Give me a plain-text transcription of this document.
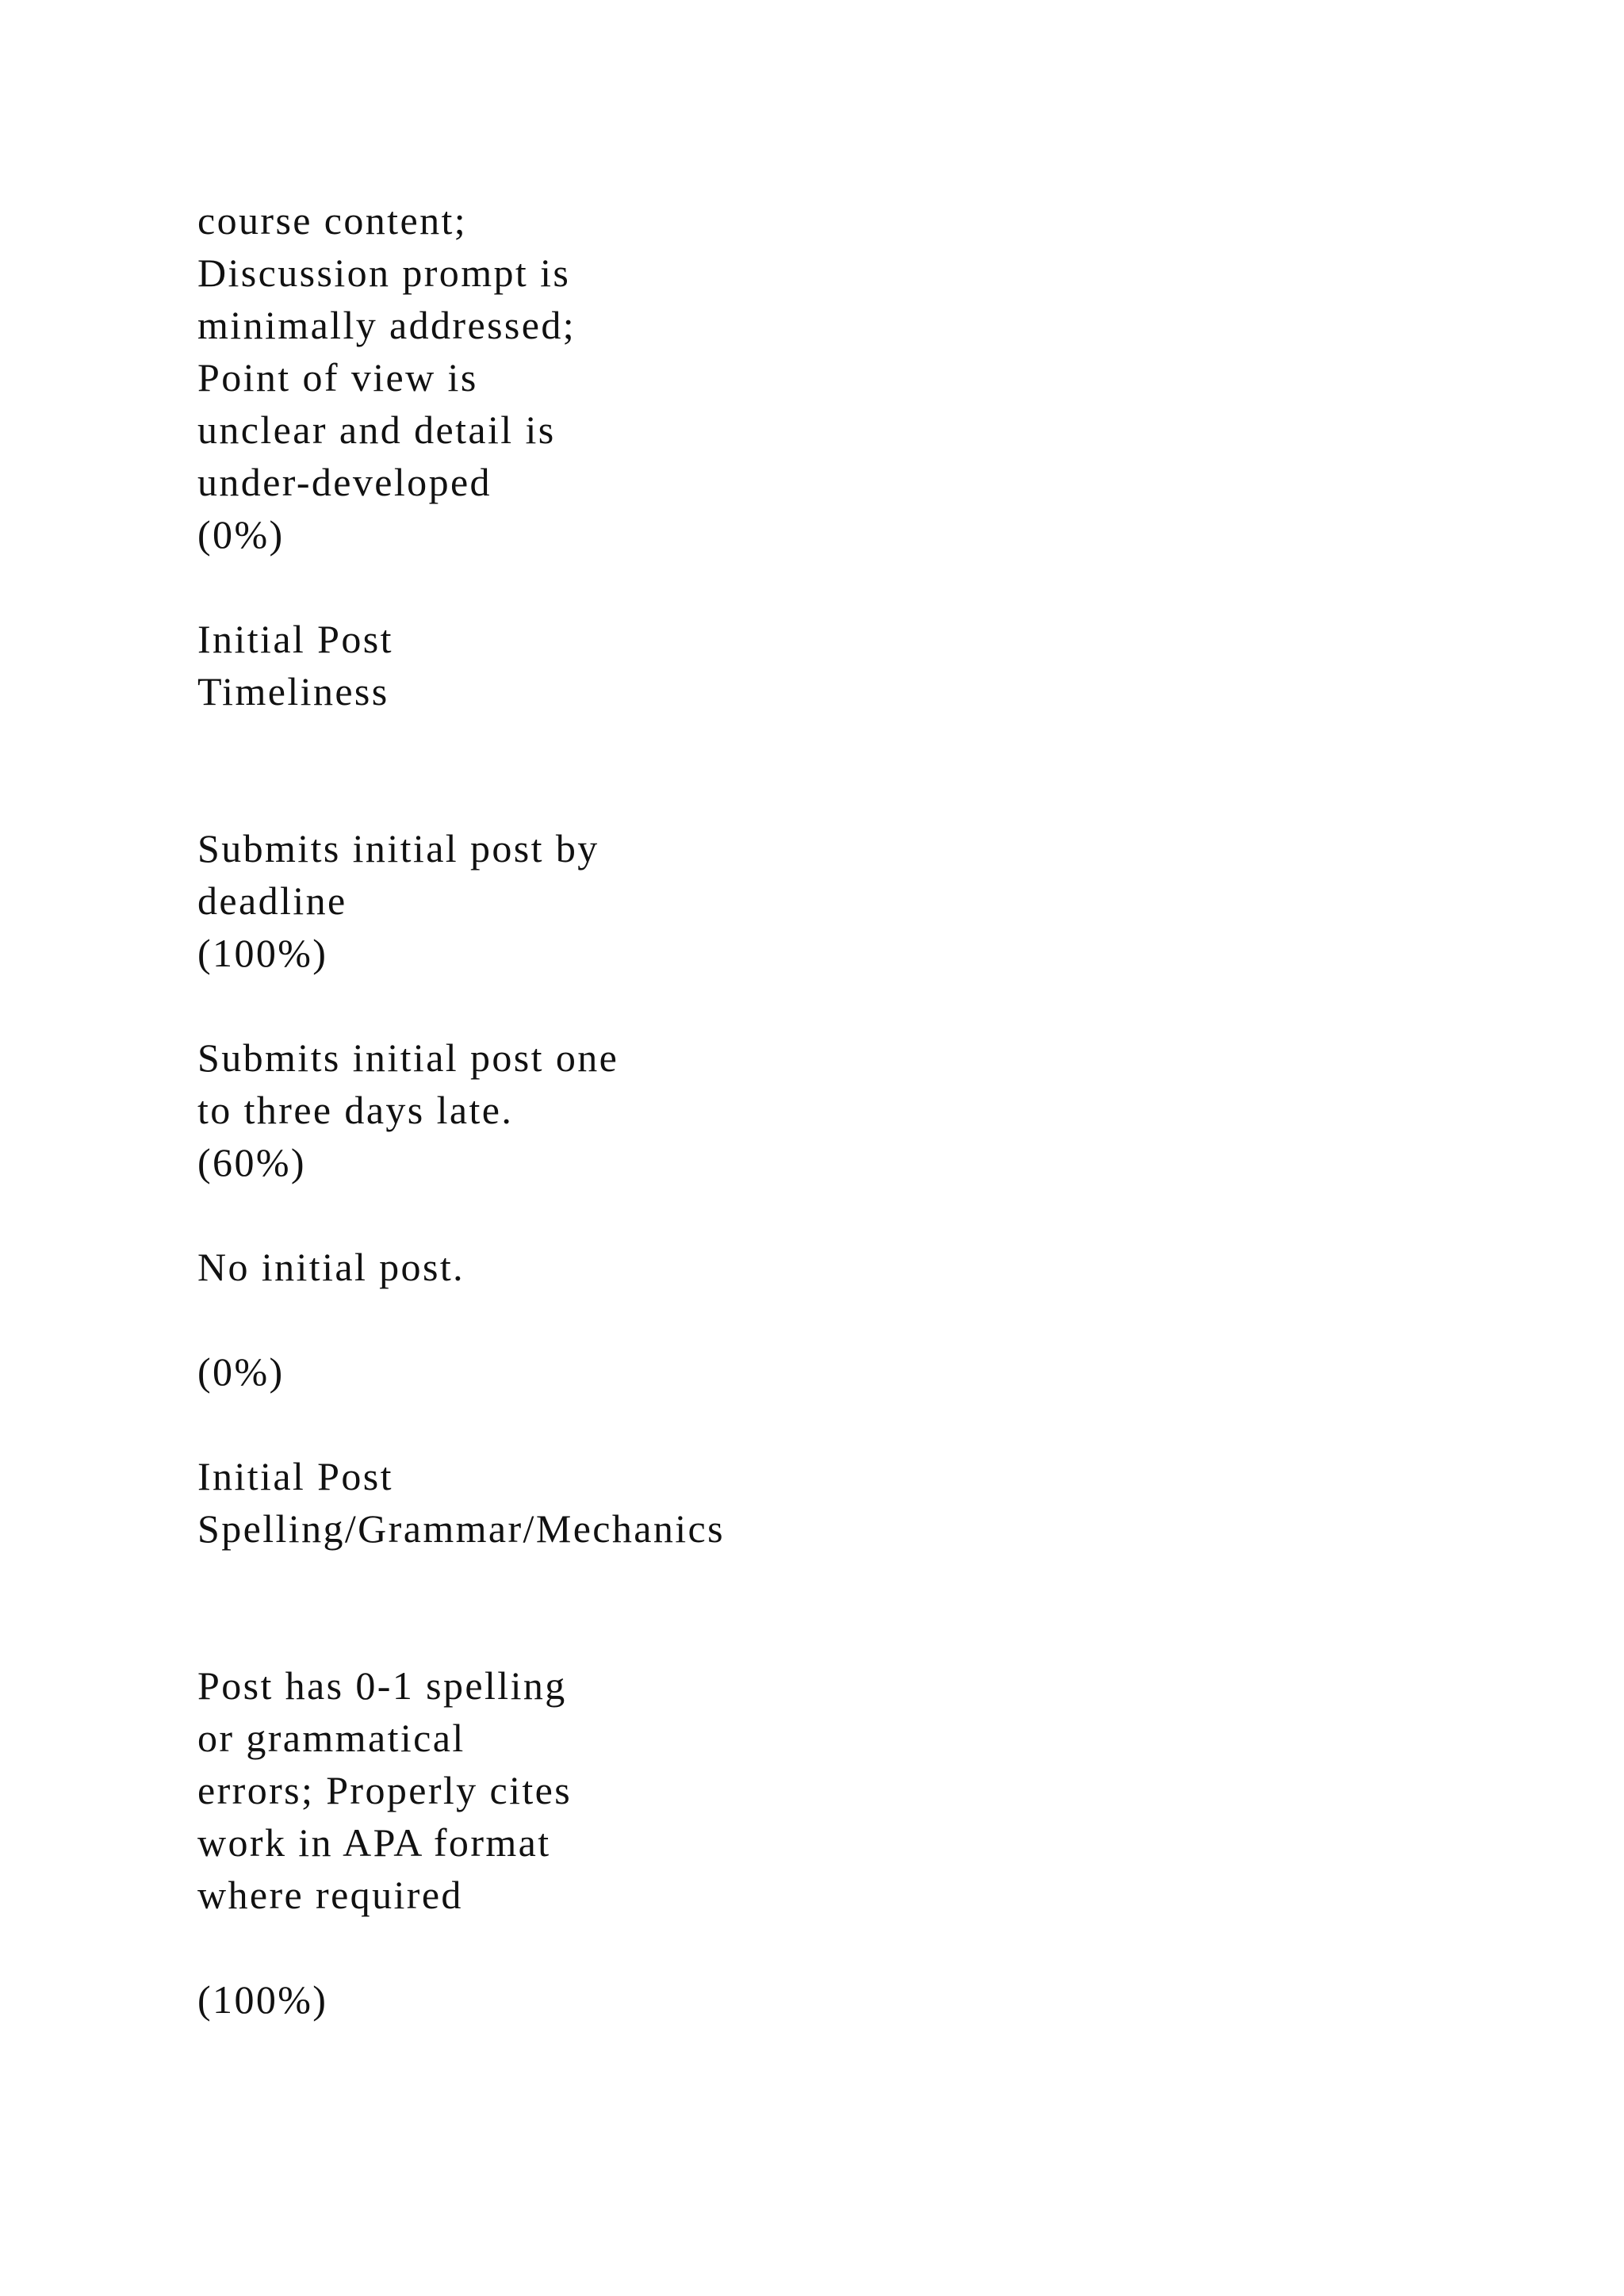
course content;
Discussion prompt is
minimally addressed;
Point of view is
unclear and detail is
under-developed
(0%)
Initial Post
Timeliness
Submits initial post by
deadline
(100%)
Submits initial post one
to three days late.
(60%)
No initial post.
(0%)
Initial Post
Spelling/Grammar/Mechanics
Post has 0-1 spelling
or grammatical
errors; Properly cites
work in APA format
where required
(100%)
